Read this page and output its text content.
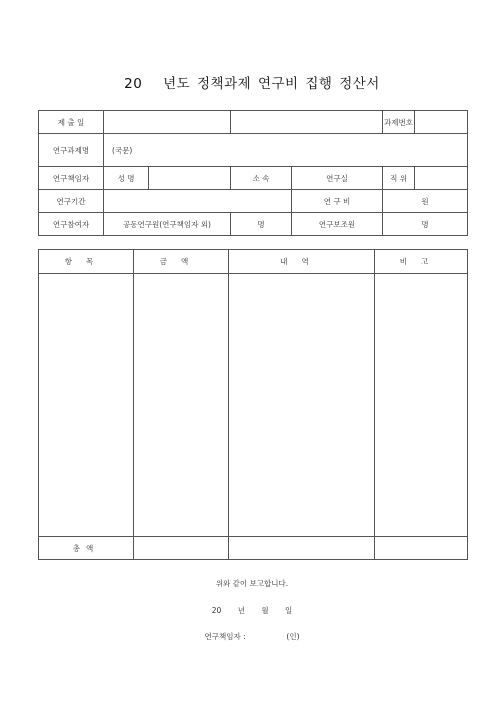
20 년도 정책과제 연구비 집행 정산서
제 출 일					과제번호	
연구과제명	(국문)					
연구책임자	성 명		소 속	연구실	직 위	
연구기간				연 구 비	원	
연구참여자	공동연구원(연구책임자 외)		명	연구보조원	명	
항목	금액	내역	비고

총액			
위와 같이 보고합니다.
20 년 월 일
연구책임자 :	(인)
